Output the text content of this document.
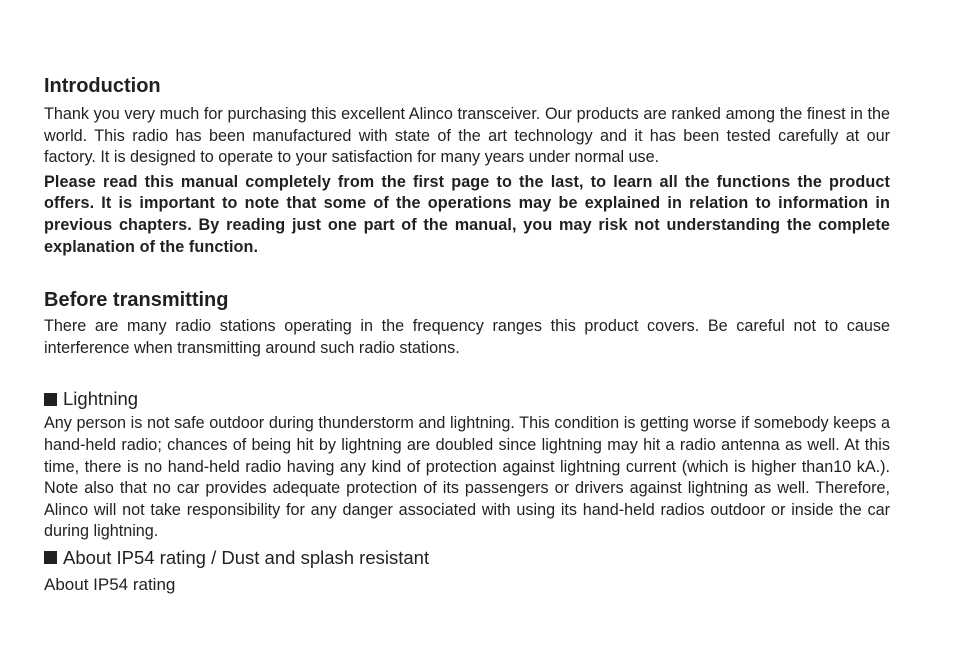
Introduction

Thank you very much for purchasing this excellent Alinco transceiver. Our products are ranked among the finest in the world. This radio has been manufactured with state of the art technology and it has been tested carefully at our factory. It is designed to operate to your satisfaction for many years under normal use.

Please read this manual completely from the first page to the last, to learn all the functions the product offers. It is important to note that some of the operations may be explained in relation to information in previous chapters. By reading just one part of the manual, you may risk not understanding the complete explanation of the function.

Before transmitting

There are many radio stations operating in the frequency ranges this product covers. Be careful not to cause interference when transmitting around such radio stations.

Lightning

Any person is not safe outdoor during thunderstorm and lightning. This condition is getting worse if somebody keeps a hand-held radio; chances of being hit by lightning are doubled since lightning may hit a radio antenna as well. At this time, there is no hand-held radio having any kind of protection against lightning current (which is higher than10 kA.). Note also that no car provides adequate protection of its passengers or drivers against lightning as well. Therefore, Alinco will not take responsibility for any danger associated with using its hand-held radios outdoor or inside the car during lightning.

About IP54 rating / Dust and splash resistant

About IP54 rating
